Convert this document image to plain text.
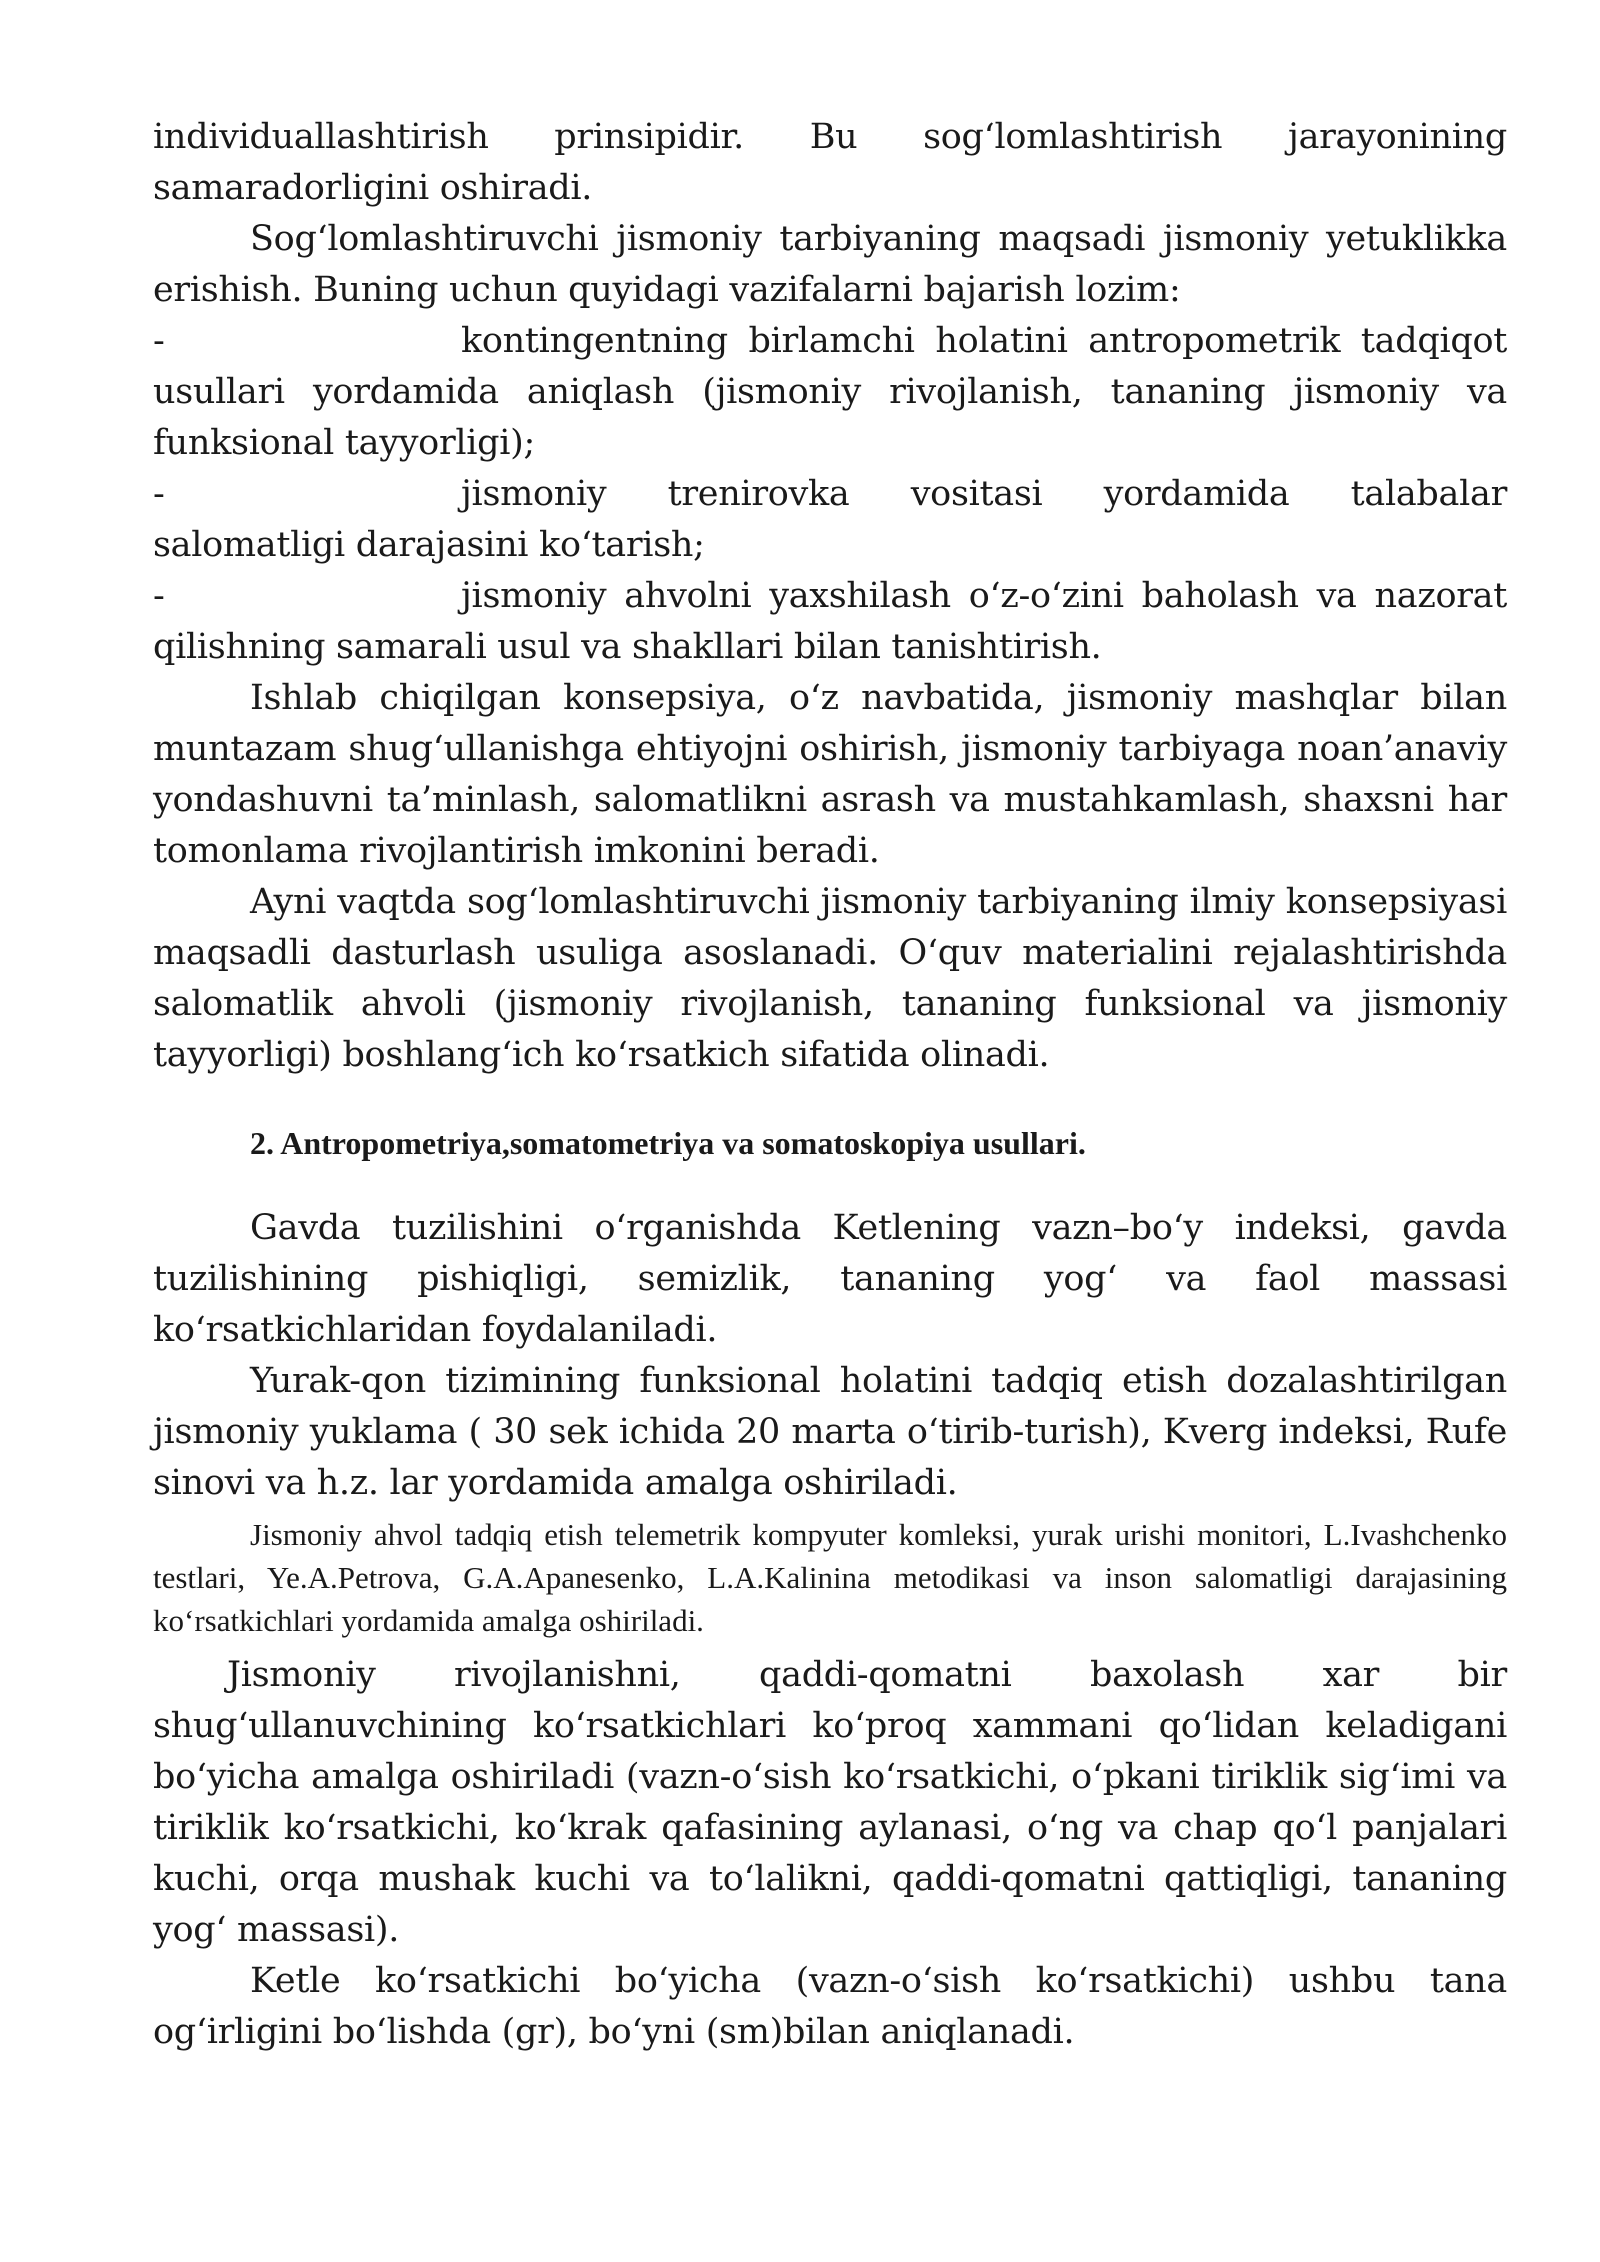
individuallashtirish prinsipidir. Bu sog‘lomlashtirish jarayonining samaradorligini oshiradi.

Sog‘lomlashtiruvchi jismoniy tarbiyaning maqsadi jismoniy yetuklikka erishish. Buning uchun quyidagi vazifalarni bajarish lozim:

-	kontingentning birlamchi holatini antropometrik tadqiqot usullari yordamida aniqlash (jismoniy rivojlanish, tananing jismoniy va funksional tayyorligi);

-	jismoniy trenirovka vositasi yordamida talabalar salomatligi darajasini ko‘tarish;

-	jismoniy ahvolni yaxshilash o‘z-o‘zini baholash va nazorat qilishning samarali usul va shakllari bilan tanishtirish.

Ishlab chiqilgan konsepsiya, o‘z navbatida, jismoniy mashqlar bilan muntazam shug‘ullanishga ehtiyojni oshirish, jismoniy tarbiyaga noan’anaviy yondashuvni ta’minlash, salomatlikni asrash va mustahkamlash, shaxsni har tomonlama rivojlantirish imkonini beradi.

Ayni vaqtda sog‘lomlashtiruvchi jismoniy tarbiyaning ilmiy konsepsiyasi maqsadli dasturlash usuliga asoslanadi. O‘quv materialini rejalashtirishda salomatlik ahvoli (jismoniy rivojlanish, tananing funksional va jismoniy tayyorligi) boshlang‘ich ko‘rsatkich sifatida olinadi.

2. Antropometriya,somatometriya va somatoskopiya usullari.

Gavda tuzilishini o‘rganishda Ketlening vazn–bo‘y indeksi, gavda tuzilishining pishiqligi, semizlik, tananing yog‘ va faol massasi ko‘rsatkichlaridan foydalaniladi.

Yurak-qon tizimining funksional holatini tadqiq etish dozalashtirilgan jismoniy yuklama ( 30 sek ichida 20 marta o‘tirib-turish), Kverg indeksi, Rufe sinovi va h.z. lar yordamida amalga oshiriladi.

Jismoniy ahvol tadqiq etish telemetrik kompyuter komleksi, yurak urishi monitori, L.Ivashchenko testlari, Ye.A.Petrova, G.A.Apanesenko, L.A.Kalinina metodikasi va inson salomatligi darajasining ko‘rsatkichlari yordamida amalga oshiriladi.

Jismoniy rivojlanishni, qaddi-qomatni baxolash xar bir shug‘ullanuvchining ko‘rsatkichlari ko‘proq xammani qo‘lidan keladigani bo‘yicha amalga oshiriladi (vazn-o‘sish ko‘rsatkichi, o‘pkani tiriklik sig‘imi va tiriklik ko‘rsatkichi, ko‘krak qafasining aylanasi, o‘ng va chap qo‘l panjalari kuchi, orqa mushak kuchi va to‘lalikni, qaddi-qomatni qattiqligi, tananing yog‘ massasi).

Ketle ko‘rsatkichi bo‘yicha (vazn-o‘sish ko‘rsatkichi) ushbu tana og‘irligini bo‘lishda (gr), bo‘yni (sm)bilan aniqlanadi.
